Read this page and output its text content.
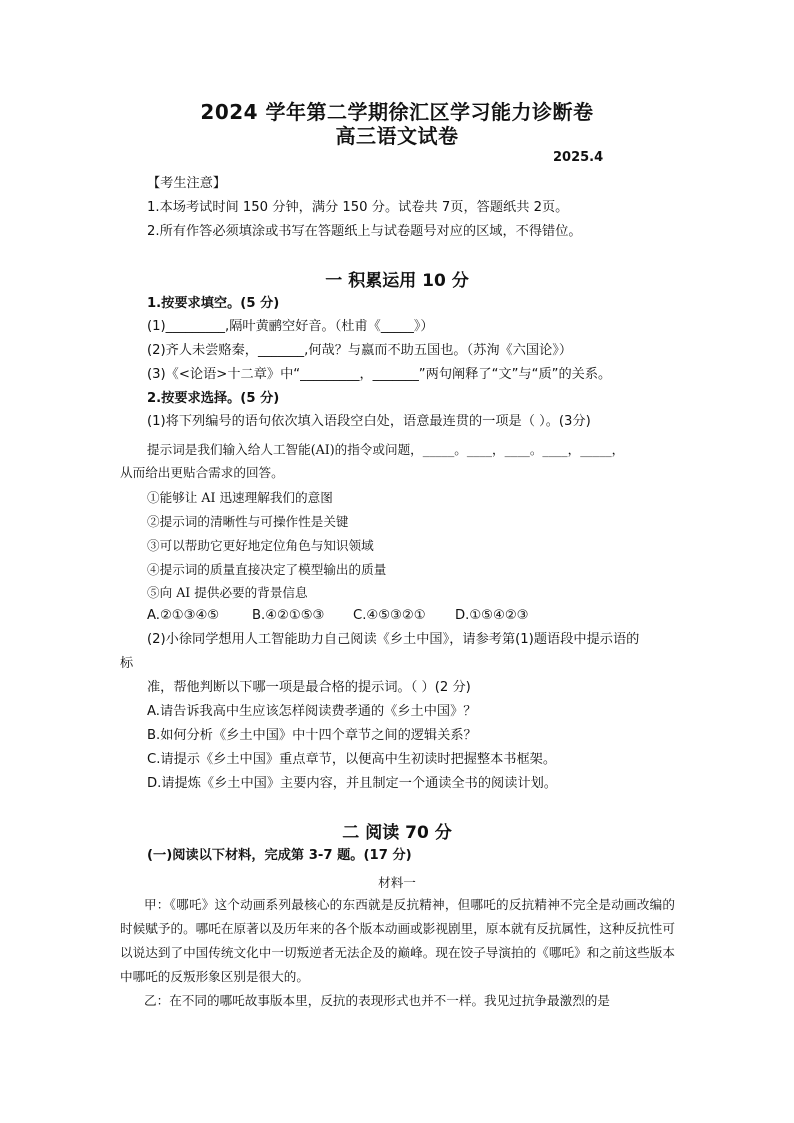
2024 学年第二学期徐汇区学习能力诊断卷
高三语文试卷
2025.4
【考生注意】
1.本场考试时间 150 分钟，满分 150 分。试卷共 7页，答题纸共 2页。
2.所有作答必须填涂或书写在答题纸上与试卷题号对应的区域，不得错位。
一 积累运用 10 分
1.按要求填空。(5 分)
(1)_________,隔叶黄鹂空好音。（杜甫《_____》）
(2)齐人未尝赂秦，_______,何哉？与嬴而不助五国也。（苏洵《六国论》）
(3)《<论语>十二章》中“_________，_______”两句阐释了“文”与“质”的关系。
2.按要求选择。(5 分)
(1)将下列编号的语句依次填入语段空白处，语意最连贯的一项是（ ）。(3分)
提示词是我们输入给人工智能(AI)的指令或问题，_____。____，____。____，_____，
从而给出更贴合需求的回答。
①能够让 AI 迅速理解我们的意图
②提示词的清晰性与可操作性是关键
③可以帮助它更好地定位角色与知识领域
④提示词的质量直接决定了模型输出的质量
⑤向 AI 提供必要的背景信息
A.②①③④⑤ B.④②①⑤③ C.④⑤③②① D.①⑤④②③
(2)小徐同学想用人工智能助力自己阅读《乡土中国》，请参考第(1)题语段中提示语的
标
准，帮他判断以下哪一项是最合格的提示词。（ ）(2 分)
A.请告诉我高中生应该怎样阅读费孝通的《乡土中国》？
B.如何分析《乡土中国》中十四个章节之间的逻辑关系？
C.请提示《乡土中国》重点章节，以便高中生初读时把握整本书框架。
D.请提炼《乡土中国》主要内容，并且制定一个通读全书的阅读计划。
二 阅读 70 分
(一)阅读以下材料，完成第 3-7 题。(17 分)
材料一
甲：《哪吒》这个动画系列最核心的东西就是反抗精神，但哪吒的反抗精神不完全是动画改编的时候赋予的。哪吒在原著以及历年来的各个版本动画或影视剧里，原本就有反抗属性，这种反抗性可以说达到了中国传统文化中一切叛逆者无法企及的巅峰。现在饺子导演拍的《哪吒》和之前这些版本中哪吒的反叛形象区别是很大的。
乙：在不同的哪吒故事版本里，反抗的表现形式也并不一样。我见过抗争最激烈的是
